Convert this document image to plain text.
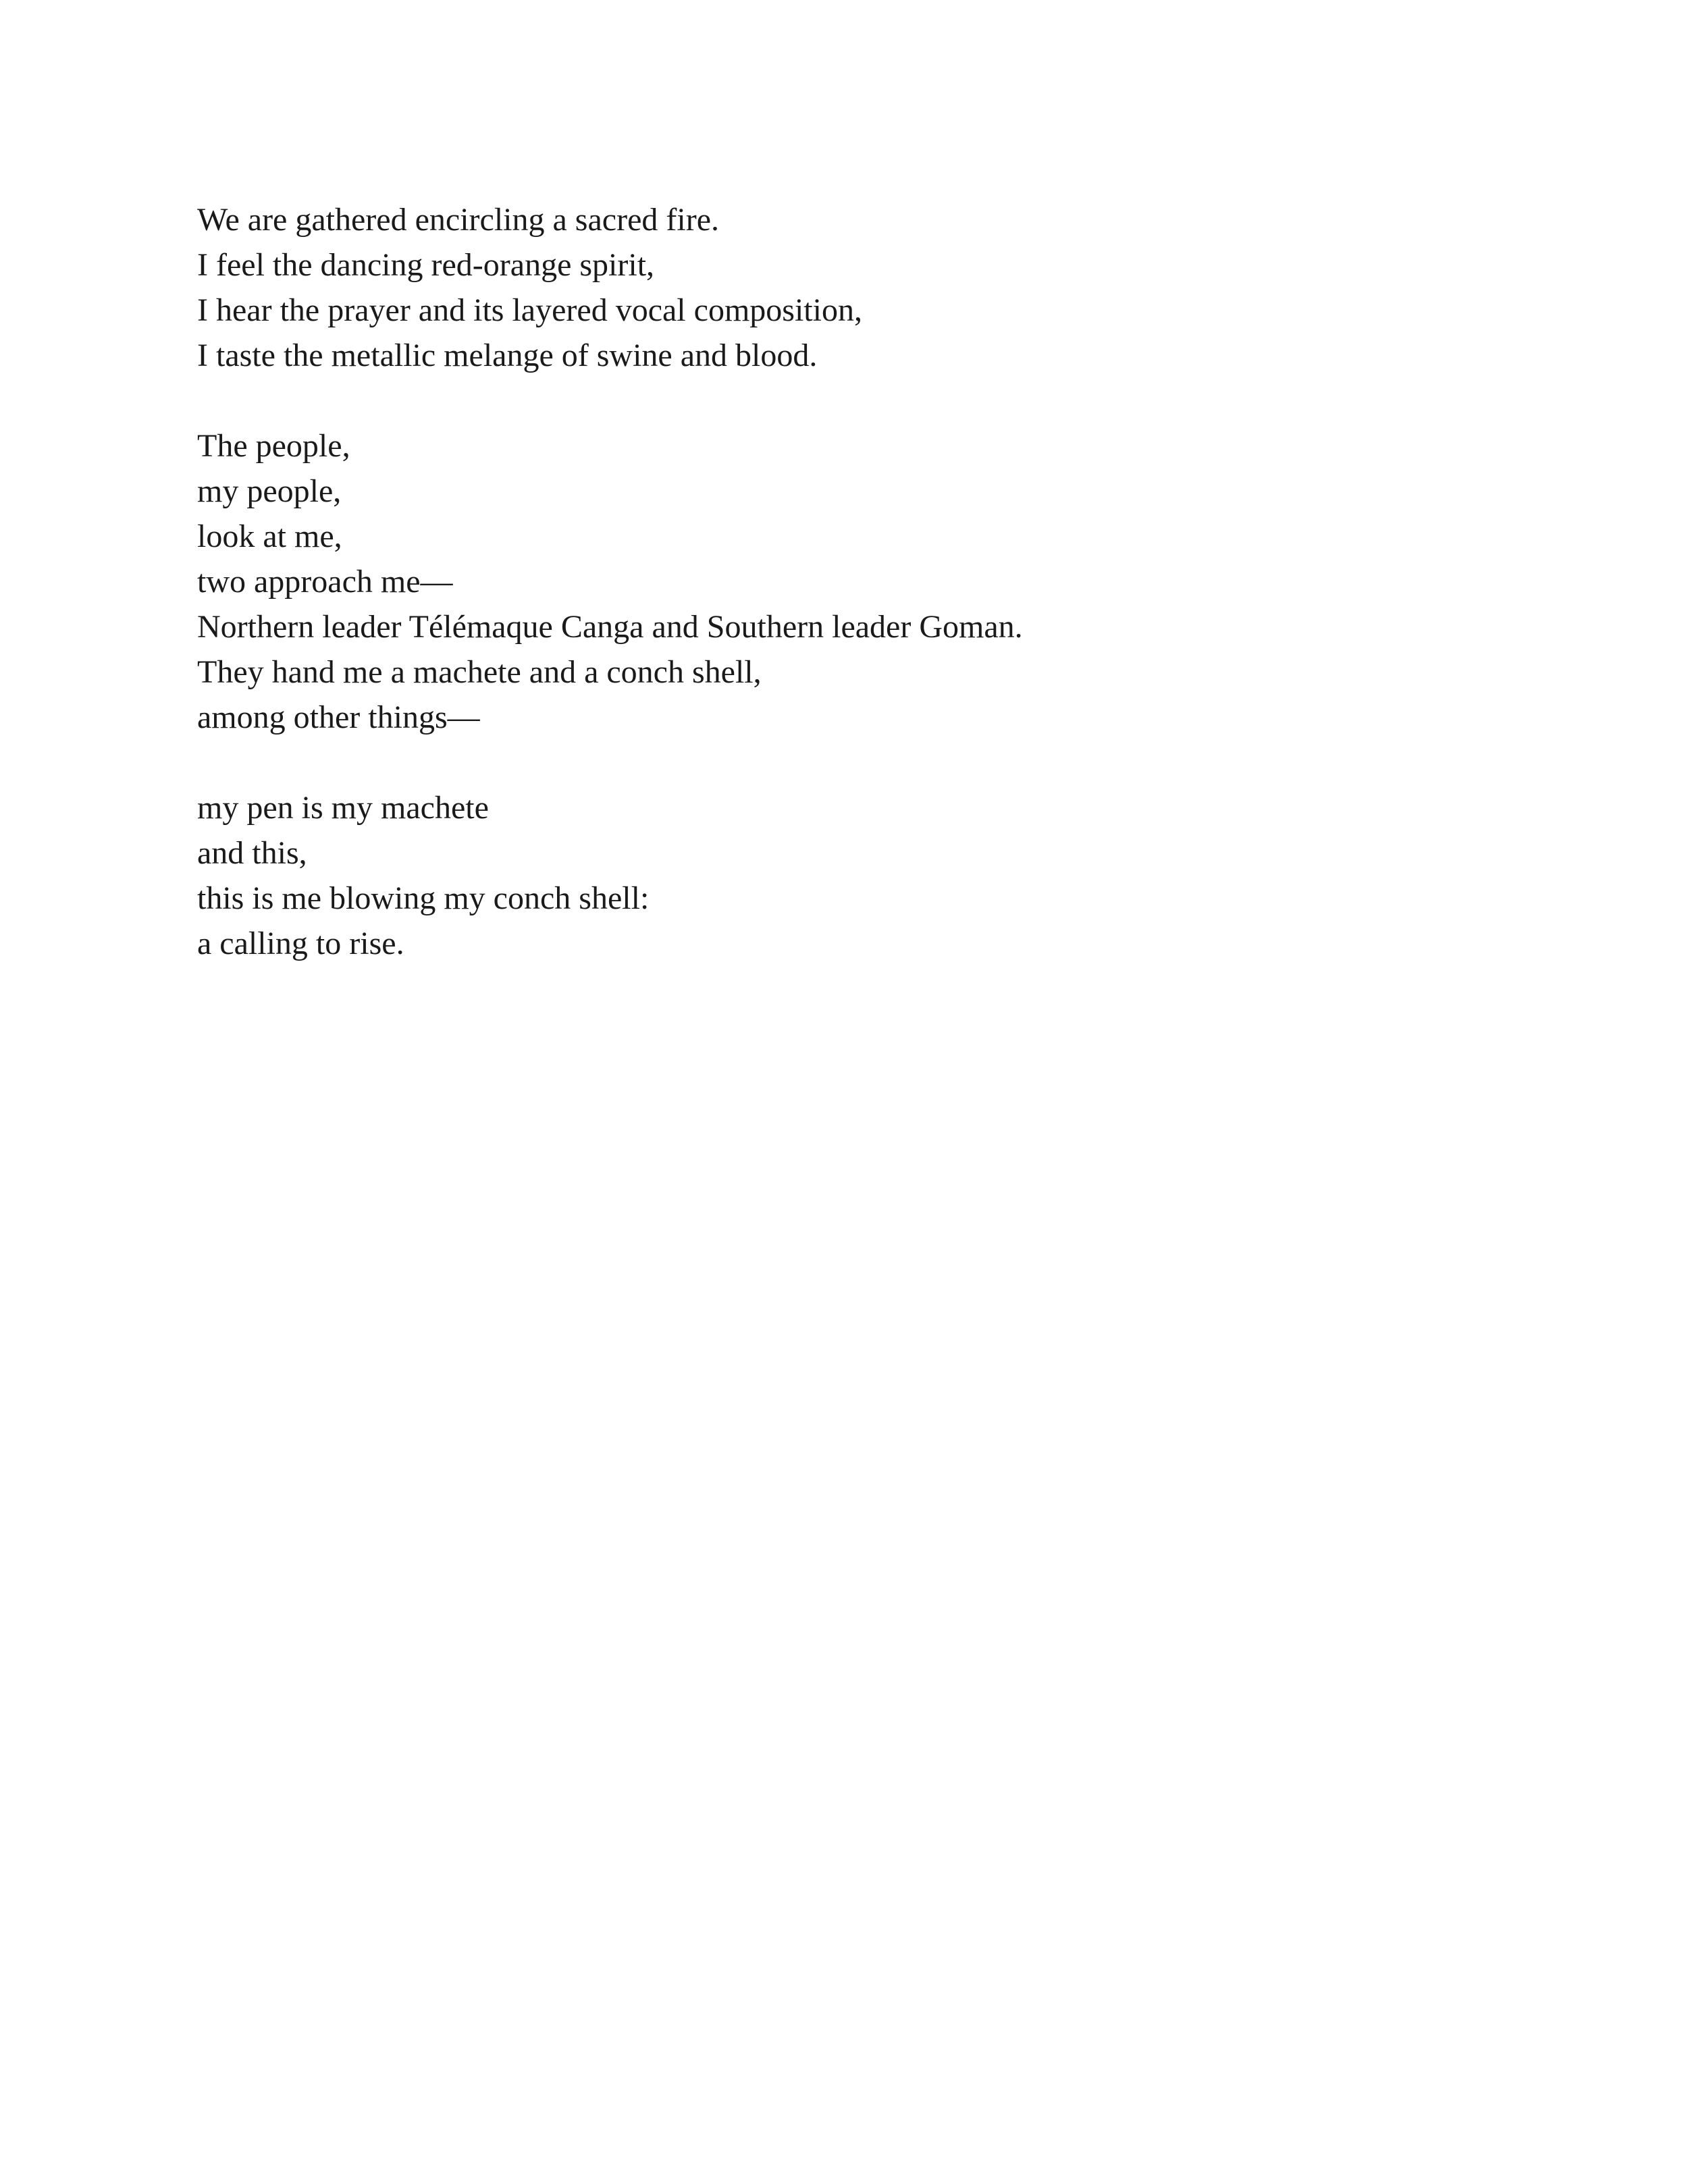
We are gathered encircling a sacred fire.
I feel the dancing red-orange spirit,
I hear the prayer and its layered vocal composition,
I taste the metallic melange of swine and blood.
The people,
my people,
look at me,
two approach me—
Northern leader Télémaque Canga and Southern leader Goman.
They hand me a machete and a conch shell,
among other things—
my pen is my machete
and this,
this is me blowing my conch shell:
a calling to rise.
